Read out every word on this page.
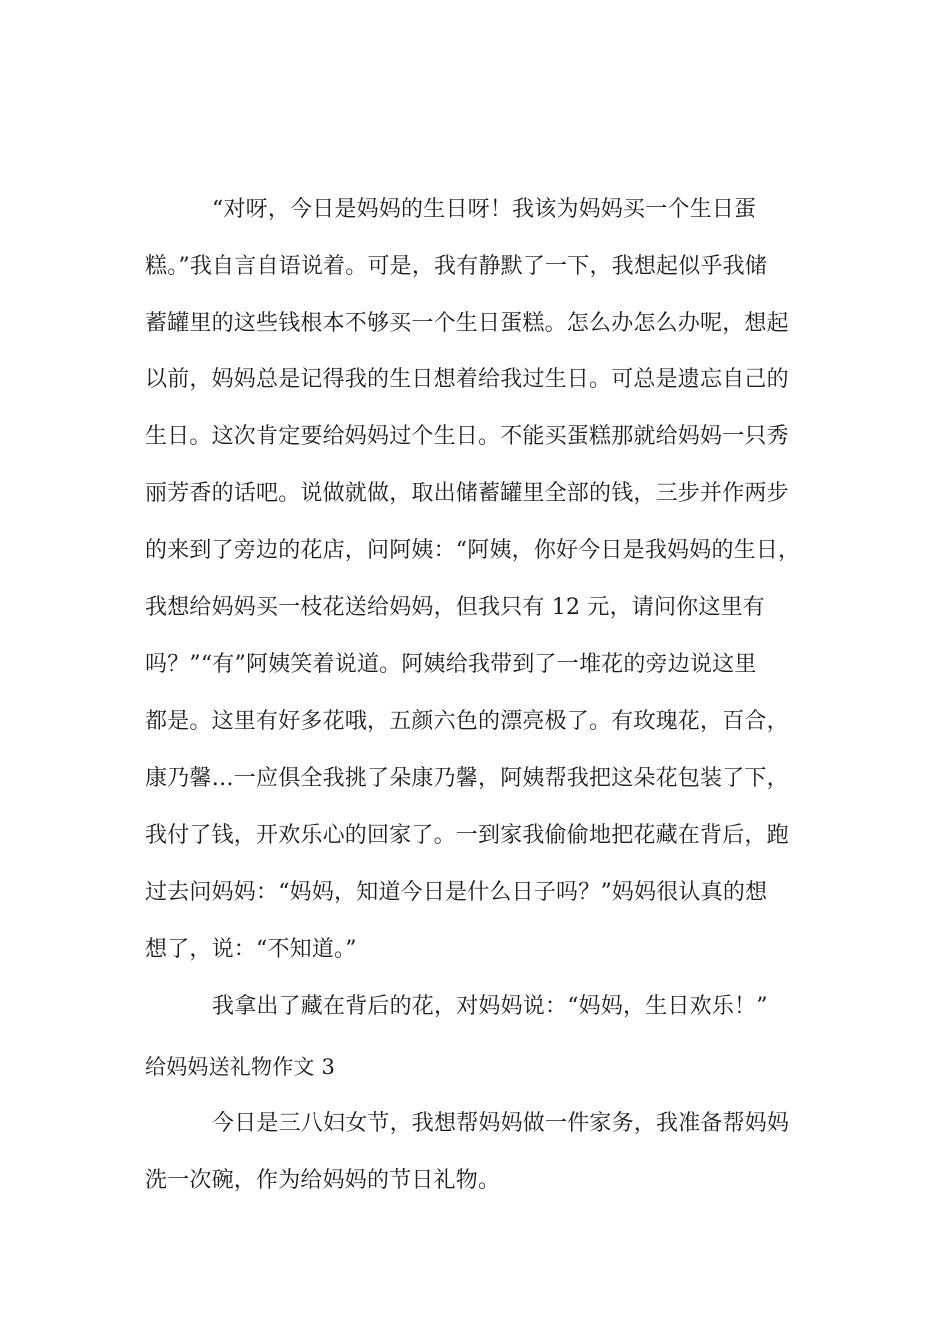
“对呀，今日是妈妈的生日呀！我该为妈妈买一个生日蛋
糕。”我自言自语说着。可是，我有静默了一下，我想起似乎我储
蓄罐里的这些钱根本不够买一个生日蛋糕。怎么办怎么办呢，想起
以前，妈妈总是记得我的生日想着给我过生日。可总是遗忘自己的
生日。这次肯定要给妈妈过个生日。不能买蛋糕那就给妈妈一只秀
丽芳香的话吧。说做就做，取出储蓄罐里全部的钱，三步并作两步
的来到了旁边的花店，问阿姨：“阿姨，你好今日是我妈妈的生日，
我想给妈妈买一枝花送给妈妈，但我只有 12 元，请问你这里有
吗？”“有”阿姨笑着说道。阿姨给我带到了一堆花的旁边说这里
都是。这里有好多花哦，五颜六色的漂亮极了。有玫瑰花，百合，
康乃馨…一应俱全我挑了朵康乃馨，阿姨帮我把这朵花包装了下，
我付了钱，开欢乐心的回家了。一到家我偷偷地把花藏在背后，跑
过去问妈妈：“妈妈，知道今日是什么日子吗？”妈妈很认真的想
想了，说：“不知道。”
我拿出了藏在背后的花，对妈妈说：“妈妈，生日欢乐！”
给妈妈送礼物作文 3
今日是三八妇女节，我想帮妈妈做一件家务，我准备帮妈妈
洗一次碗，作为给妈妈的节日礼物。
